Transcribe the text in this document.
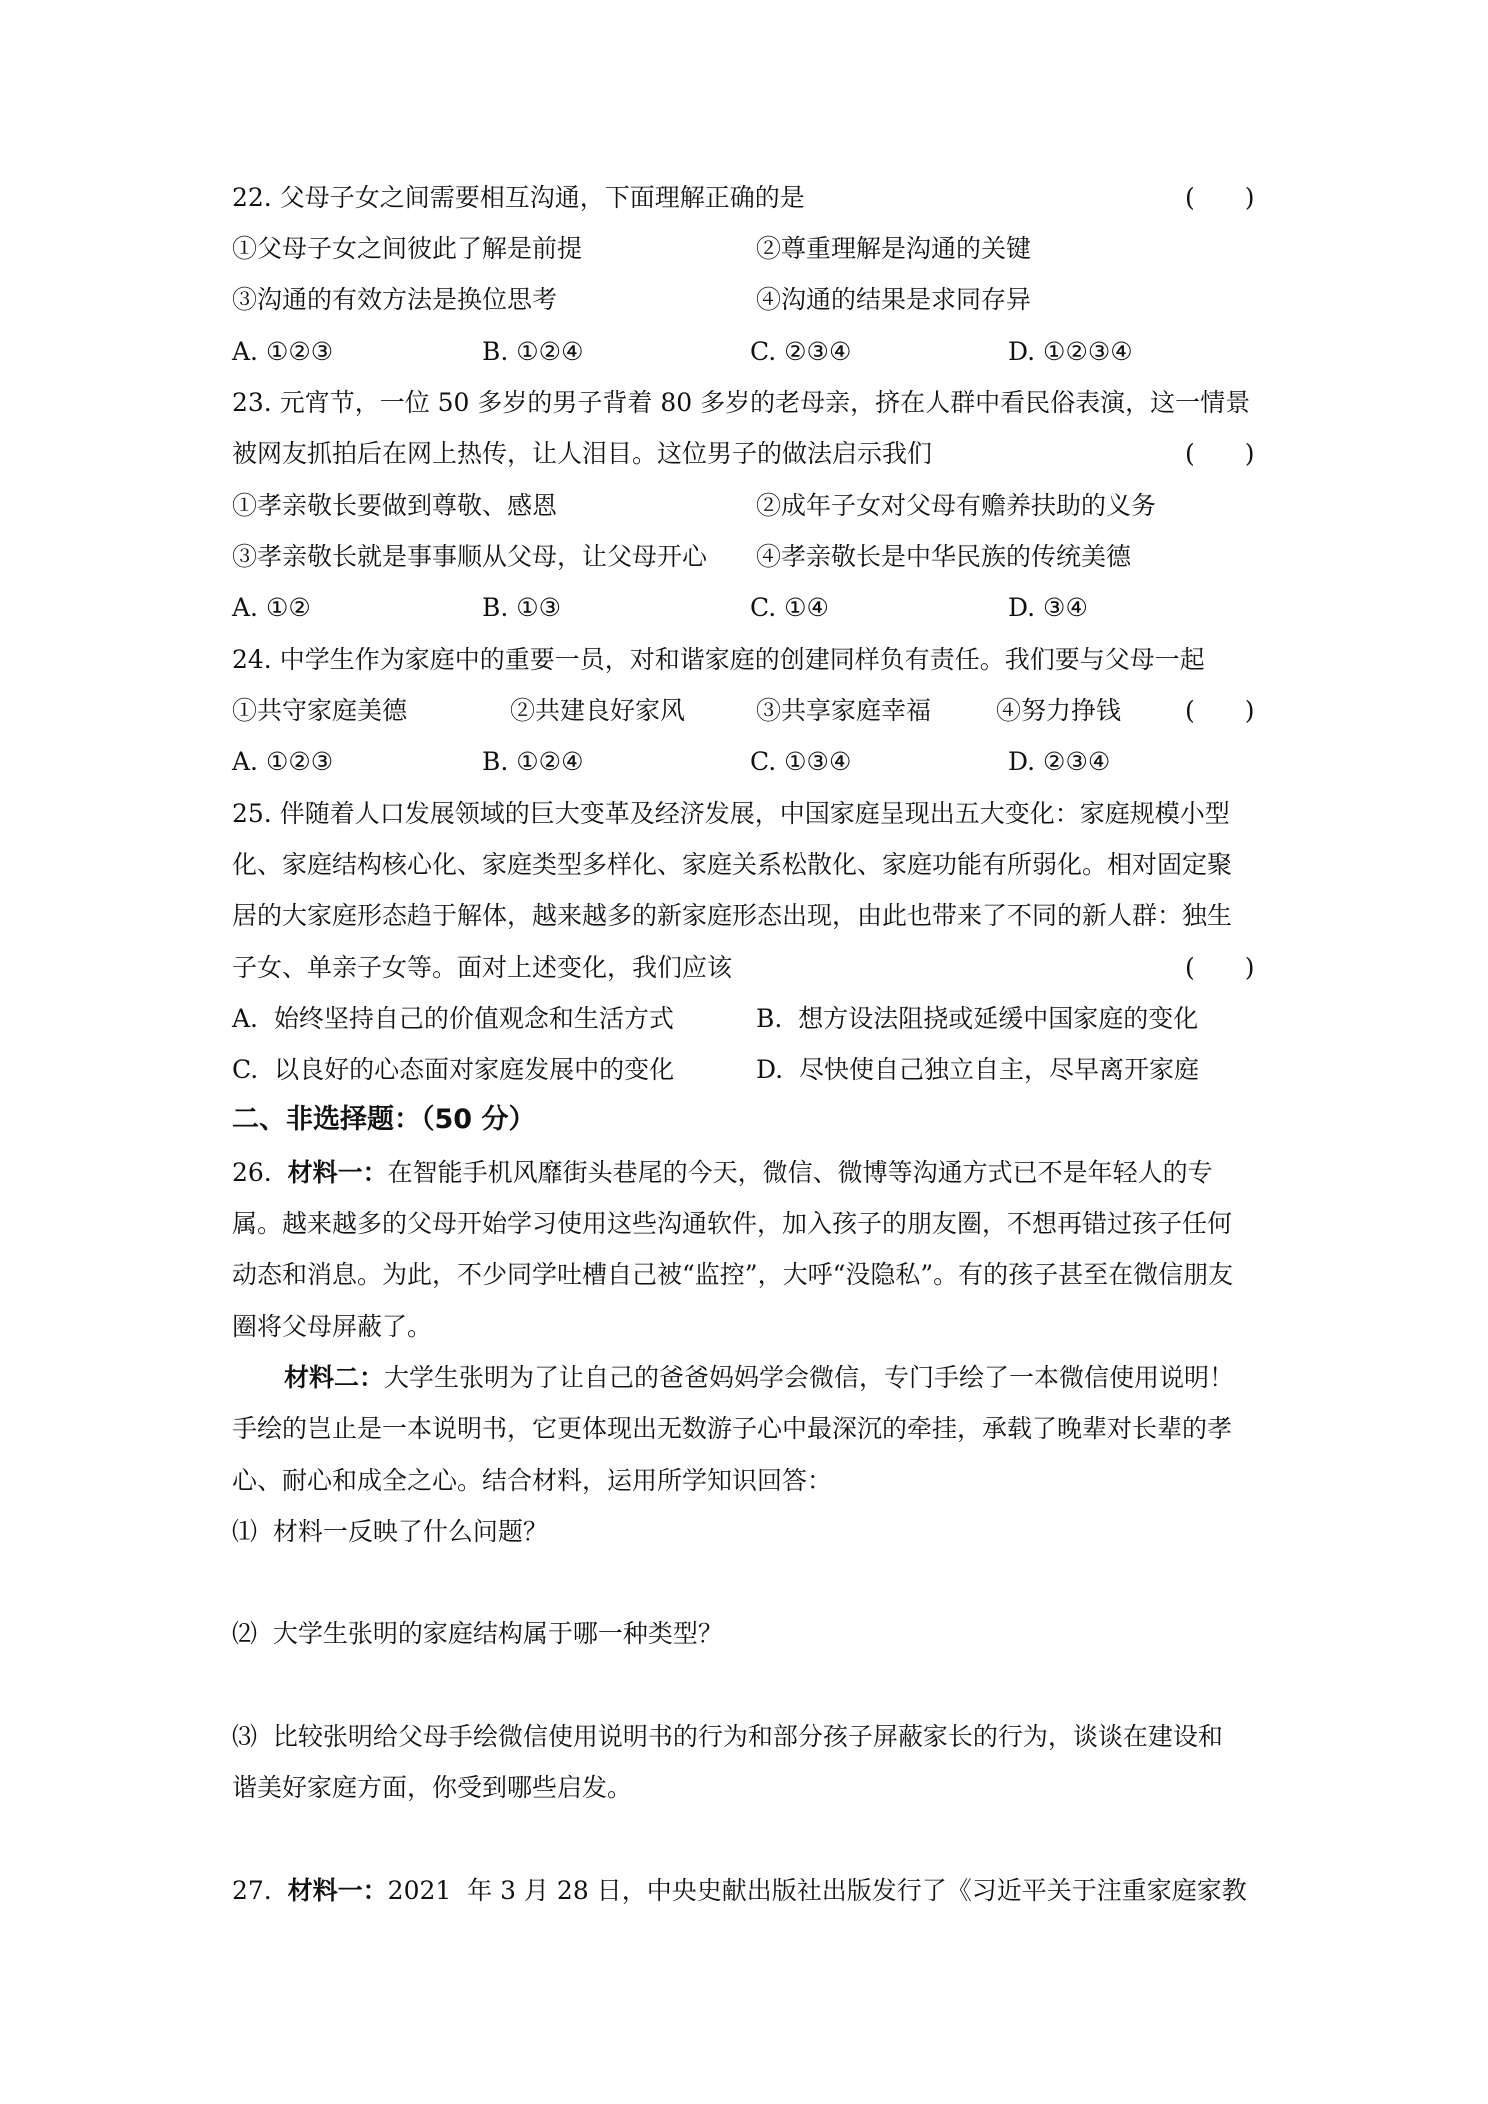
22. 父母子女之间需要相互沟通，下面理解正确的是	(　　)
①父母子女之间彼此了解是前提	②尊重理解是沟通的关键
③沟通的有效方法是换位思考	④沟通的结果是求同存异
A. ①②③	B. ①②④	C. ②③④	D. ①②③④
23. 元宵节，一位 50 多岁的男子背着 80 多岁的老母亲，挤在人群中看民俗表演，这一情景
被网友抓拍后在网上热传，让人泪目。这位男子的做法启示我们	(　　)
①孝亲敬长要做到尊敬、感恩	②成年子女对父母有赡养扶助的义务
③孝亲敬长就是事事顺从父母，让父母开心 ④孝亲敬长是中华民族的传统美德
A. ①②	B. ①③	C. ①④	D. ③④
24. 中学生作为家庭中的重要一员，对和谐家庭的创建同样负有责任。我们要与父母一起
①共守家庭美德	②共建良好家风	③共享家庭幸福	④努力挣钱	(　　)
A. ①②③	B. ①②④	C. ①③④	D. ②③④
25. 伴随着人口发展领域的巨大变革及经济发展，中国家庭呈现出五大变化：家庭规模小型
化、家庭结构核心化、家庭类型多样化、家庭关系松散化、家庭功能有所弱化。相对固定聚
居的大家庭形态趋于解体，越来越多的新家庭形态出现，由此也带来了不同的新人群：独生
子女、单亲子女等。面对上述变化，我们应该	(　　)
A.  始终坚持自己的价值观念和生活方式	B.  想方设法阻挠或延缓中国家庭的变化
C.  以良好的心态面对家庭发展中的变化	D.  尽快使自己独立自主，尽早离开家庭
二、非选择题：（50 分）
26.  材料一：在智能手机风靡街头巷尾的今天，微信、微博等沟通方式已不是年轻人的专
属。越来越多的父母开始学习使用这些沟通软件，加入孩子的朋友圈，不想再错过孩子任何
动态和消息。为此，不少同学吐槽自己被“监控”，大呼“没隐私”。有的孩子甚至在微信朋友
圈将父母屏蔽了。
材料二：大学生张明为了让自己的爸爸妈妈学会微信，专门手绘了一本微信使用说明！
手绘的岂止是一本说明书，它更体现出无数游子心中最深沉的牵挂，承载了晚辈对长辈的孝
心、耐心和成全之心。结合材料，运用所学知识回答：
⑴  材料一反映了什么问题？
⑵  大学生张明的家庭结构属于哪一种类型？
⑶  比较张明给父母手绘微信使用说明书的行为和部分孩子屏蔽家长的行为，谈谈在建设和
谐美好家庭方面，你受到哪些启发。
27.  材料一：2021  年 3 月 28 日，中央史献出版社出版发行了《习近平关于注重家庭家教
